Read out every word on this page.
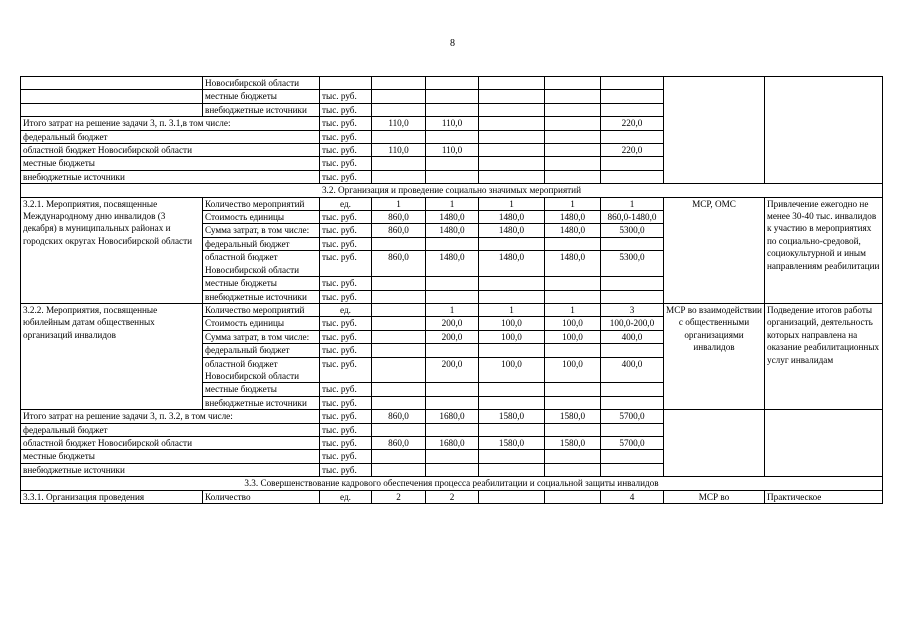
8
	Новосибирской области								
	местные бюджеты	тыс. руб.							
	внебюджетные источники	тыс. руб.							
Итого затрат на решение задачи 3, п. 3.1,в том числе:		тыс. руб.	110,0	110,0			220,0		
федеральный бюджет		тыс. руб.							
областной бюджет Новосибирской области		тыс. руб.	110,0	110,0			220,0		
местные бюджеты		тыс. руб.							
внебюджетные источники		тыс. руб.							
3.2. Организация и проведение социально значимых мероприятий									
3.2.1. Мероприятия, посвященные Международному дню инвалидов (3 декабря) в муниципальных районах и городских округах Новосибирской области	Количество мероприятий	ед.	1	1	1	1	1	МСР, ОМС	Привлечение ежегодно не менее 30-40 тыс. инвалидов к участию в мероприятиях по социально-средовой, социокультурной и иным направлениям реабилитации
	Стоимость единицы	тыс. руб.	860,0	1480,0	1480,0	1480,0	860,0-1480,0		
	Сумма затрат, в том числе:	тыс. руб.	860,0	1480,0	1480,0	1480,0	5300,0		
	федеральный бюджет	тыс. руб.							
	областной бюджет Новосибирской области	тыс. руб.	860,0	1480,0	1480,0	1480,0	5300,0		
	местные бюджеты	тыс. руб.							
	внебюджетные источники	тыс. руб.							
3.2.2. Мероприятия, посвященные юбилейным датам общественных организаций инвалидов	Количество мероприятий	ед.		1	1	1	3	МСР во взаимодействии с общественными организациями инвалидов	Подведение итогов работы организаций, деятельность которых направлена на оказание реабилитационных услуг инвалидам
	Стоимость единицы	тыс. руб.		200,0	100,0	100,0	100,0-200,0		
	Сумма затрат, в том числе:	тыс. руб.		200,0	100,0	100,0	400,0		
	федеральный бюджет	тыс. руб.							
	областной бюджет Новосибирской области	тыс. руб.		200,0	100,0	100,0	400,0		
	местные бюджеты	тыс. руб.							
	внебюджетные источники	тыс. руб.							
Итого затрат на решение задачи 3, п. 3.2, в том числе:		тыс. руб.	860,0	1680,0	1580,0	1580,0	5700,0		
федеральный бюджет		тыс. руб.							
областной бюджет Новосибирской области		тыс. руб.	860,0	1680,0	1580,0	1580,0	5700,0		
местные бюджеты		тыс. руб.							
внебюджетные источники		тыс. руб.							
3.3. Совершенствование кадрового обеспечения процесса реабилитации и социальной защиты инвалидов									
3.3.1. Организация проведения	Количество	ед.	2	2			4	МСР во	Практическое
